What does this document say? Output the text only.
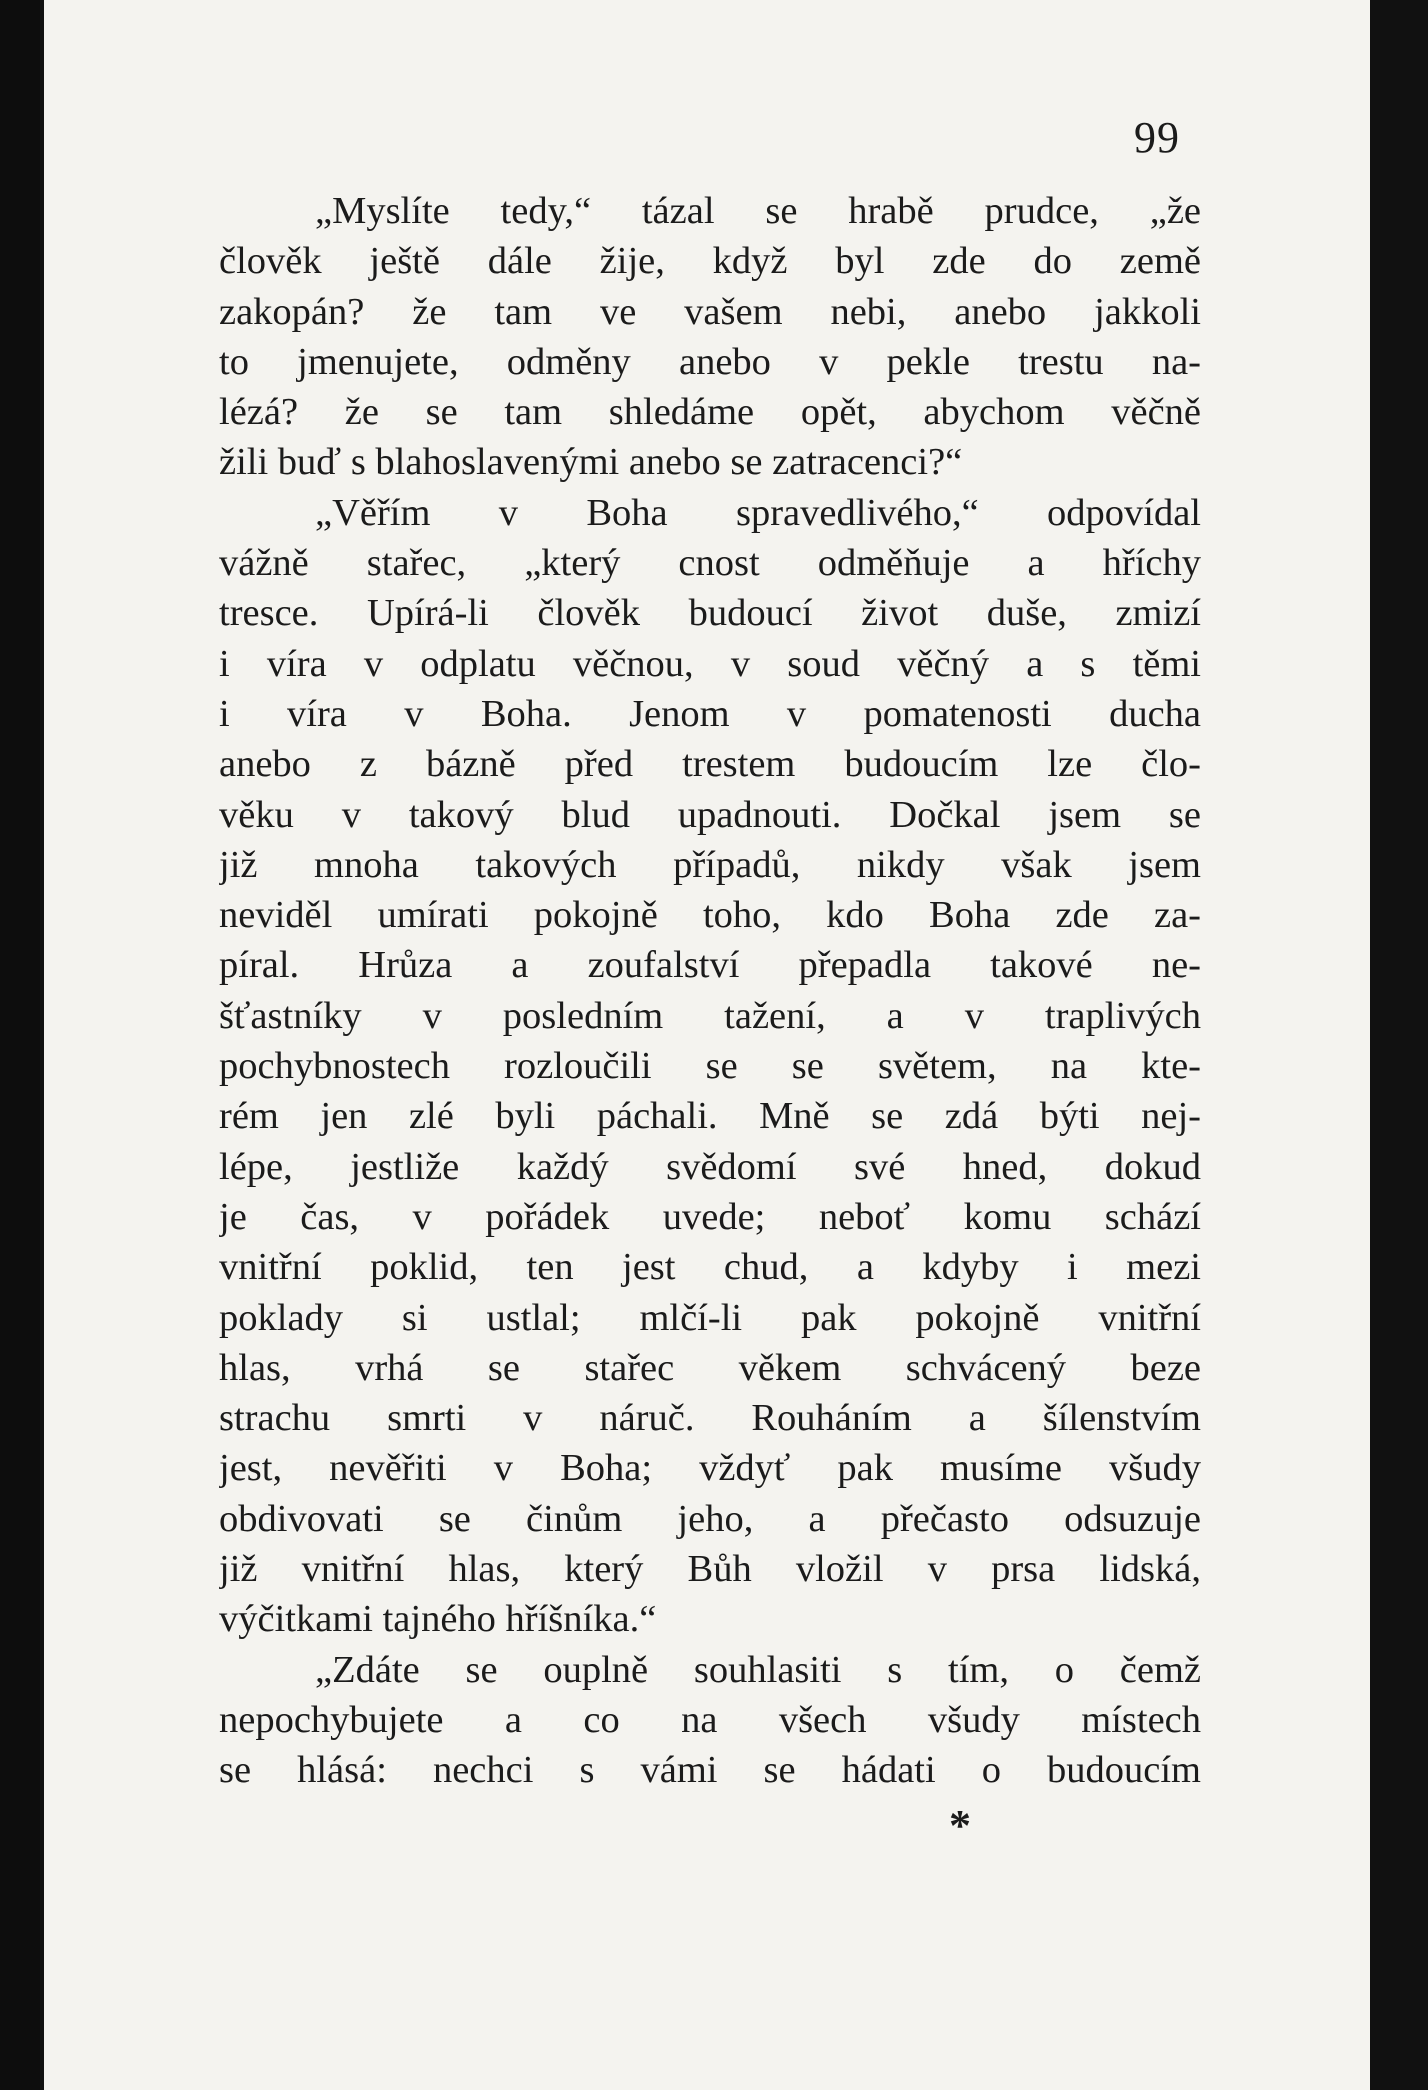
99
„Myslíte tedy,“ tázal se hrabě prudce, „že
člověk ještě dále žije, když byl zde do země
zakopán? že tam ve vašem nebi, anebo jakkoli
to jmenujete, odměny anebo v pekle trestu na-
lézá? že se tam shledáme opět, abychom věčně
žili buď s blahoslavenými anebo se zatracenci?“
„Věřím v Boha spravedlivého,“ odpovídal
vážně stařec, „který cnost odměňuje a hříchy
tresce. Upírá-li člověk budoucí život duše, zmizí
i víra v odplatu věčnou, v soud věčný a s těmi
i víra v Boha. Jenom v pomatenosti ducha
anebo z bázně před trestem budoucím lze člo-
věku v takový blud upadnouti. Dočkal jsem se
již mnoha takových případů, nikdy však jsem
neviděl umírati pokojně toho, kdo Boha zde za-
píral. Hrůza a zoufalství přepadla takové ne-
šťastníky v posledním tažení, a v traplivých
pochybnostech rozloučili se se světem, na kte-
rém jen zlé byli páchali. Mně se zdá býti nej-
lépe, jestliže každý svědomí své hned, dokud
je čas, v pořádek uvede; neboť komu schází
vnitřní poklid, ten jest chud, a kdyby i mezi
poklady si ustlal; mlčí-li pak pokojně vnitřní
hlas, vrhá se stařec věkem schvácený beze
strachu smrti v náruč. Rouháním a šílenstvím
jest, nevěřiti v Boha; vždyť pak musíme všudy
obdivovati se činům jeho, a přečasto odsuzuje
již vnitřní hlas, který Bůh vložil v prsa lidská,
výčitkami tajného hříšníka.“
„Zdáte se ouplně souhlasiti s tím, o čemž
nepochybujete a co na všech všudy místech
se hlásá: nechci s vámi se hádati o budoucím
*
